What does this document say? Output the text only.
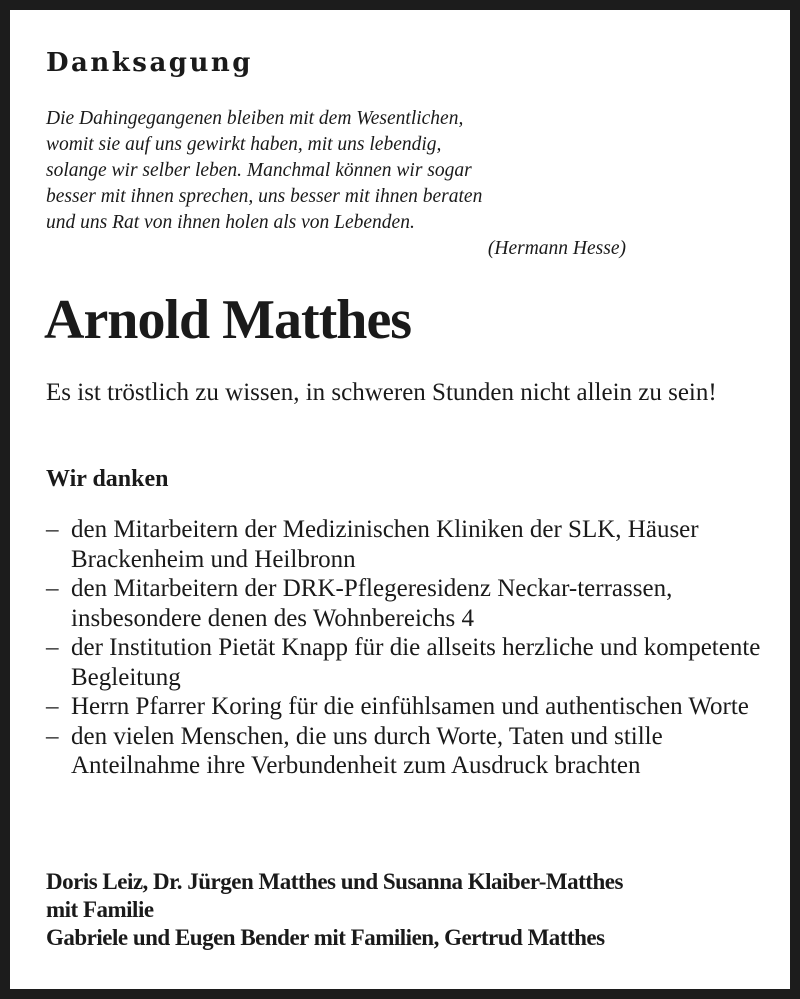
Danksagung
Die Dahingegangenen bleiben mit dem Wesentlichen,
womit sie auf uns gewirkt haben, mit uns lebendig,
solange wir selber leben. Manchmal können wir sogar
besser mit ihnen sprechen, uns besser mit ihnen beraten
und uns Rat von ihnen holen als von Lebenden.
(Hermann Hesse)
Arnold Matthes
Es ist tröstlich zu wissen, in schweren Stunden nicht allein zu sein!
Wir danken
– den Mitarbeitern der Medizinischen Kliniken der SLK, Häuser Brackenheim und Heilbronn
– den Mitarbeitern der DRK-Pflegeresidenz Neckar-terrassen, insbesondere denen des Wohnbereichs 4
– der Institution Pietät Knapp für die allseits herzliche und kompetente Begleitung
– Herrn Pfarrer Koring für die einfühlsamen und authentischen Worte
– den vielen Menschen, die uns durch Worte, Taten und stille Anteilnahme ihre Verbundenheit zum Ausdruck brachten
Doris Leiz, Dr. Jürgen Matthes und Susanna Klaiber-Matthes
mit Familie
Gabriele und Eugen Bender mit Familien, Gertrud Matthes
